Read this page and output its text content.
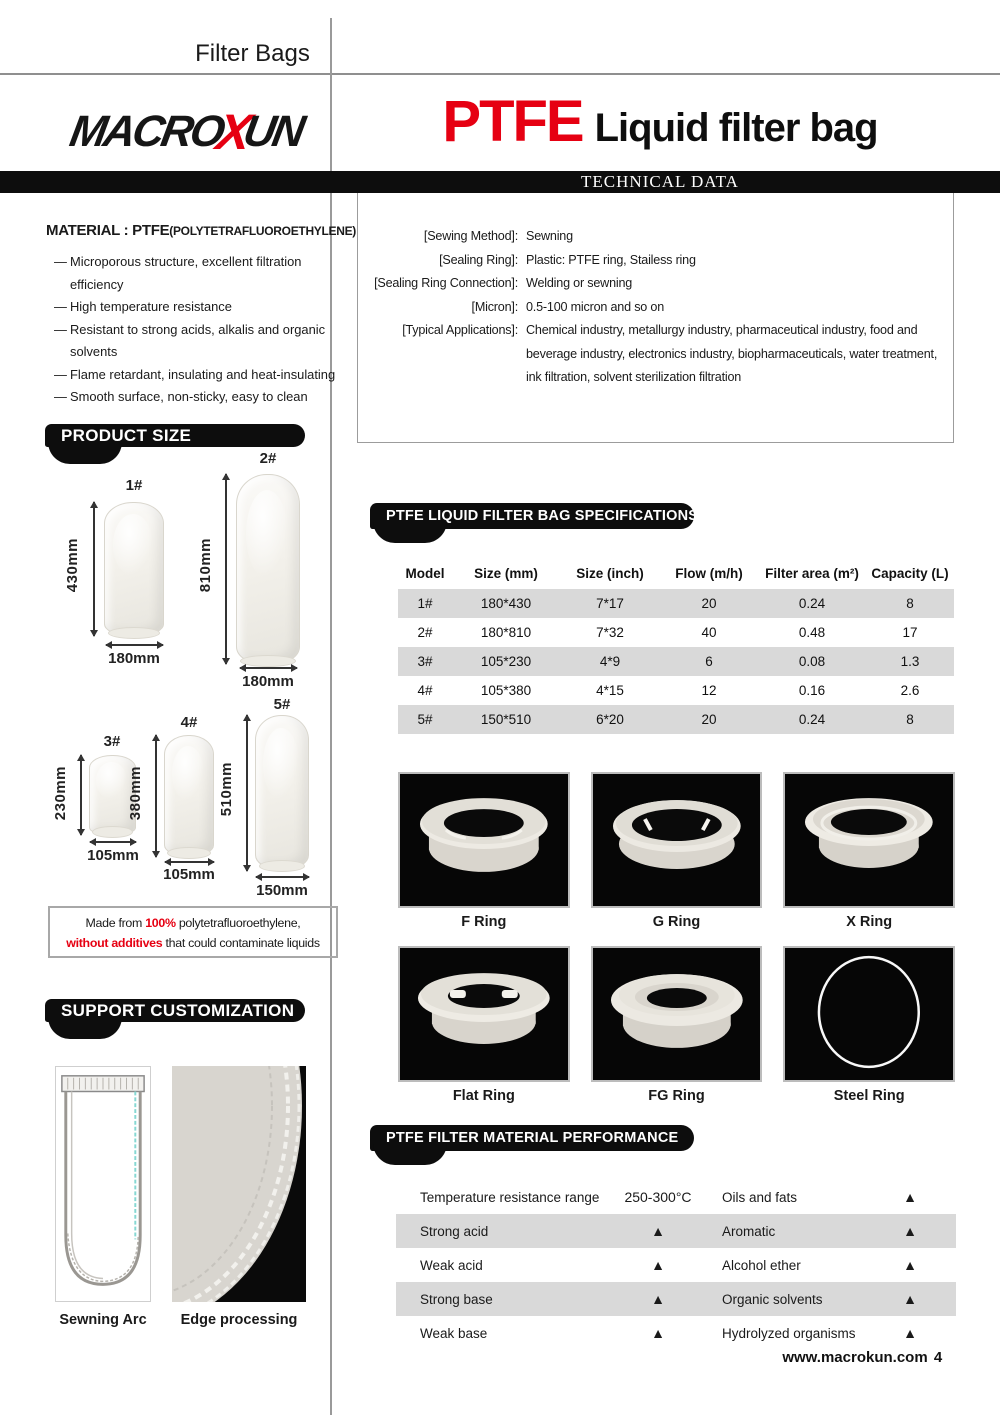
Filter Bags
MACRO
X
UN PTFE Liquid filter bag
TECHNICAL DATA
[Sewing Method]: Sewning
[Sealing Ring]: Plastic: PTFE ring, Stailess ring
[Sealing Ring Connection]: Welding or sewning
[Micron]: 0.5-100 micron and so on
[Typical Applications]: Chemical industry, metallurgy industry, pharmaceutical industry, food and beverage industry, electronics industry, biopharmaceuticals, water treatment, ink filtration, solvent sterilization filtration
MATERIAL : PTFE(POLYTETRAFLUOROETHYLENE)
— Microporous structure, excellent filtration efficiency
— High temperature resistance
— Resistant to strong acids, alkalis and organic solvents
— Flame retardant, insulating and heat-insulating
— Smooth surface, non-sticky, easy to clean
PRODUCT SIZE
1#
430mm
180mm
2#
810mm
180mm
3#
230mm
105mm
4#
380mm
105mm
5#
510mm
150mm
Made from 100% polytetrafluoroethylene,
without additives that could contaminate liquids
SUPPORT CUSTOMIZATION
Sewning Arc	Edge processing
PTFE LIQUID FILTER BAG SPECIFICATIONS
Model	Size (mm)	Size (inch)	Flow (m/h)	Filter area (m²)	Capacity (L)
1#	180*430	7*17	20	0.24	8
2#	180*810	7*32	40	0.48	17
3#	105*230	4*9	6	0.08	1.3
4#	105*380	4*15	12	0.16	2.6
5#	150*510	6*20	20	0.24	8
F Ring	G Ring	X Ring
Flat Ring	FG Ring	Steel Ring
PTFE FILTER MATERIAL PERFORMANCE
Temperature resistance range	250-300°C	Oils and fats	▲
Strong acid	▲	Aromatic	▲
Weak acid	▲	Alcohol ether	▲
Strong base	▲	Organic solvents	▲
Weak base	▲	Hydrolyzed organisms	▲
www.macrokun.com 4
